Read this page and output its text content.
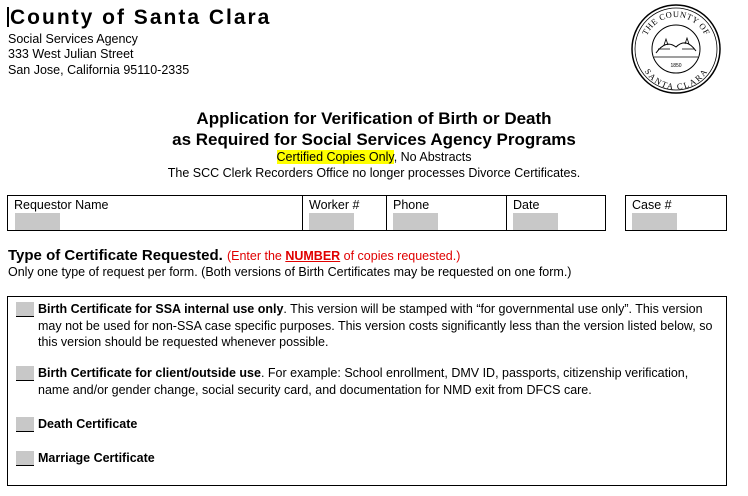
County of Santa Clara
Social Services Agency
333 West Julian Street
San Jose, California 95110-2335
THE COUNTY OF
SANTA CLARA
1850
Application for Verification of Birth or Death
as Required for Social Services Agency Programs
Certified Copies Only, No Abstracts
The SCC Clerk Recorders Office no longer processes Divorce Certificates.
Requestor Name	Worker #	Phone	Date	Case #
Type of Certificate Requested. (Enter the NUMBER of copies requested.)
Only one type of request per form. (Both versions of Birth Certificates may be requested on one form.)
Birth Certificate for SSA internal use only. This version will be stamped with “for governmental use only”. This version may not be used for non-SSA case specific purposes. This version costs significantly less than the version listed below, so this version should be requested whenever possible.
Birth Certificate for client/outside use. For example: School enrollment, DMV ID, passports, citizenship verification, name and/or gender change, social security card, and documentation for NMD exit from DFCS care.
Death Certificate
Marriage Certificate
